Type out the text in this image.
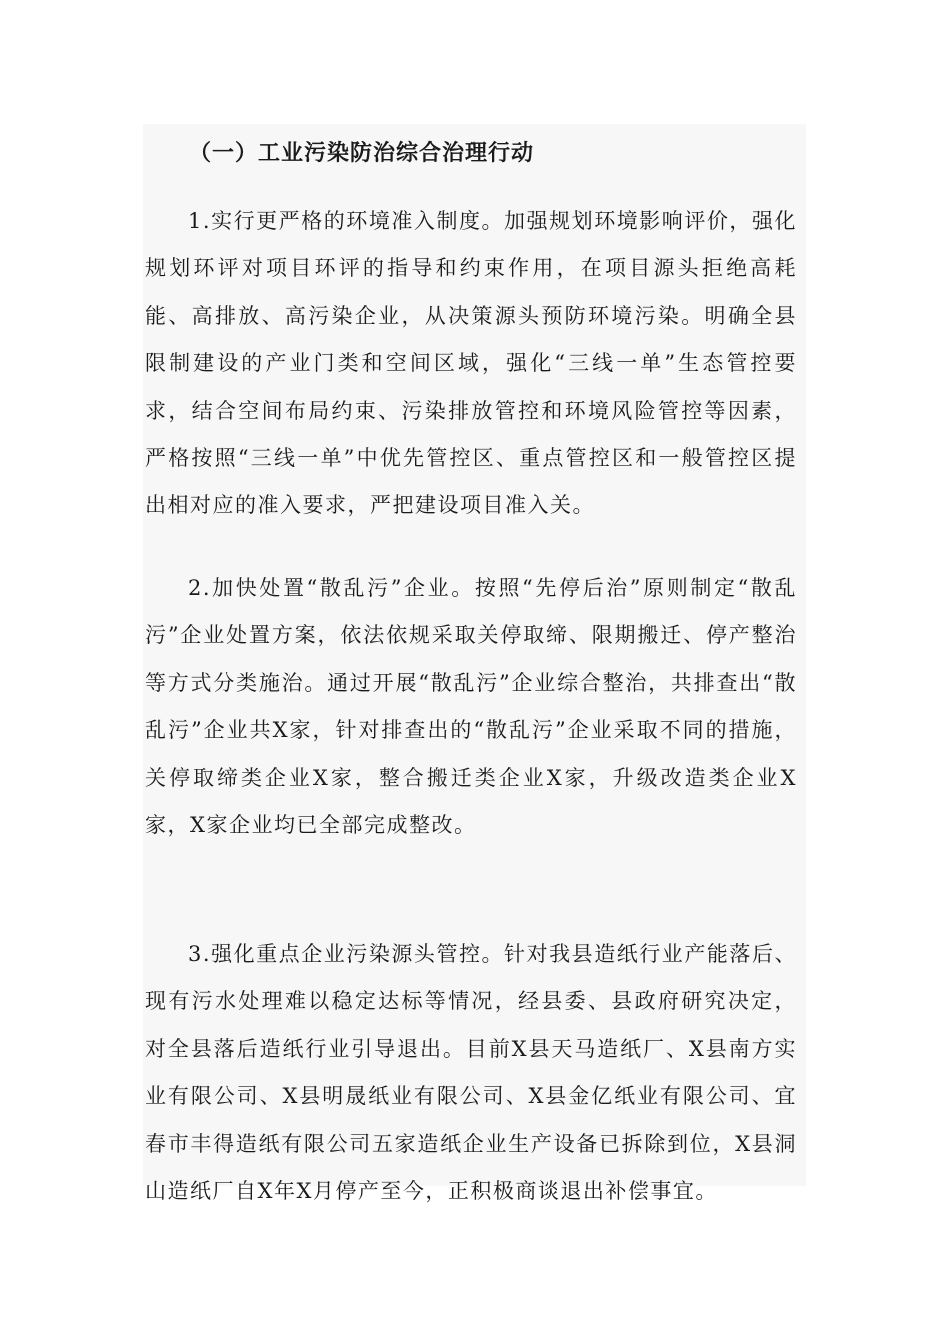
（一）工业污染防治综合治理行动

1.实行更严格的环境准入制度。加强规划环境影响评价，强化规划环评对项目环评的指导和约束作用，在项目源头拒绝高耗能、高排放、高污染企业，从决策源头预防环境污染。明确全县限制建设的产业门类和空间区域，强化“三线一单”生态管控要求，结合空间布局约束、污染排放管控和环境风险管控等因素，严格按照“三线一单”中优先管控区、重点管控区和一般管控区提出相对应的准入要求，严把建设项目准入关。

2.加快处置“散乱污”企业。按照“先停后治”原则制定“散乱污”企业处置方案，依法依规采取关停取缔、限期搬迁、停产整治等方式分类施治。通过开展“散乱污”企业综合整治，共排查出“散乱污”企业共X家，针对排查出的“散乱污”企业采取不同的措施，关停取缔类企业X家，整合搬迁类企业X家，升级改造类企业X家，X家企业均已全部完成整改。

3.强化重点企业污染源头管控。针对我县造纸行业产能落后、现有污水处理难以稳定达标等情况，经县委、县政府研究决定，对全县落后造纸行业引导退出。目前X县天马造纸厂、X县南方实业有限公司、X县明晟纸业有限公司、X县金亿纸业有限公司、宜春市丰得造纸有限公司五家造纸企业生产设备已拆除到位，X县洞山造纸厂自X年X月停产至今，正积极商谈退出补偿事宜。
